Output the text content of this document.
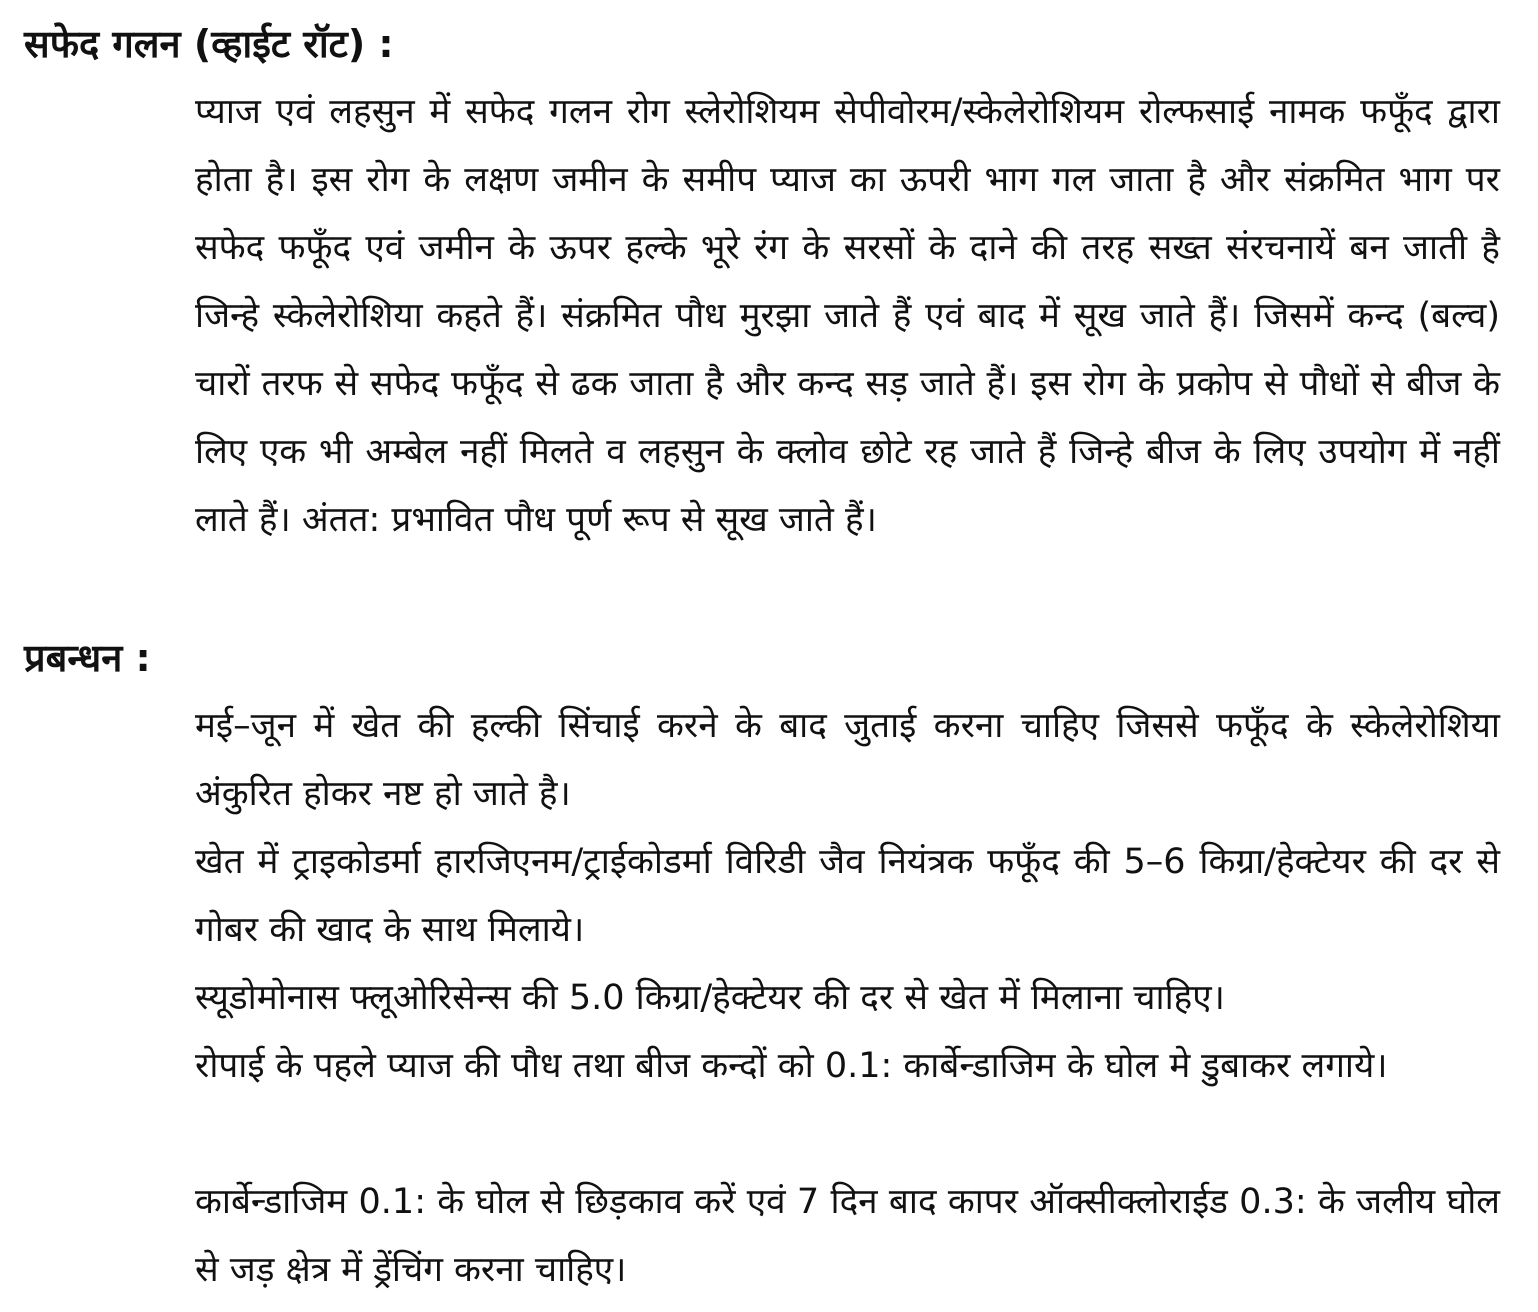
सफेद गलन (व्हाईट रॉट) :

प्याज एवं लहसुन में सफेद गलन रोग स्लेरोशियम सेपीवोरम/स्केलेरोशियम रोल्फसाई नामक फफूँद द्वारा होता है। इस रोग के लक्षण जमीन के समीप प्याज का ऊपरी भाग गल जाता है और संक्रमित भाग पर सफेद फफूँद एवं जमीन के ऊपर हल्के भूरे रंग के सरसों के दाने की तरह सख्त संरचनायें बन जाती है जिन्हे स्केलेरोशिया कहते हैं। संक्रमित पौध मुरझा जाते हैं एवं बाद में सूख जाते हैं। जिसमें कन्द (बल्व) चारों तरफ से सफेद फफूँद से ढक जाता है और कन्द सड़ जाते हैं। इस रोग के प्रकोप से पौधों से बीज के लिए एक भी अम्बेल नहीं मिलते व लहसुन के क्लोव छोटे रह जाते हैं जिन्हे बीज के लिए उपयोग में नहीं लाते हैं। अंतत: प्रभावित पौध पूर्ण रूप से सूख जाते हैं।

प्रबन्धन :

मई–जून में खेत की हल्की सिंचाई करने के बाद जुताई करना चाहिए जिससे फफूँद के स्केलेरोशिया अंकुरित होकर नष्ट हो जाते है।

खेत में ट्राइकोडर्मा हारजिएनम/ट्राईकोडर्मा विरिडी जैव नियंत्रक फफूँद की 5–6 किग्रा/हेक्टेयर की दर से गोबर की खाद के साथ मिलाये।

स्यूडोमोनास फ्लूओरिसेन्स की 5.0 किग्रा/हेक्टेयर की दर से खेत में मिलाना चाहिए।

रोपाई के पहले प्याज की पौध तथा बीज कन्दों को 0.1: कार्बेन्डाजिम के घोल मे डुबाकर लगाये।

कार्बेन्डाजिम 0.1: के घोल से छिड़काव करें एवं 7 दिन बाद कापर ऑक्सीक्लोराईड 0.3: के जलीय घोल से जड़ क्षेत्र में ड्रेंचिंग करना चाहिए।
